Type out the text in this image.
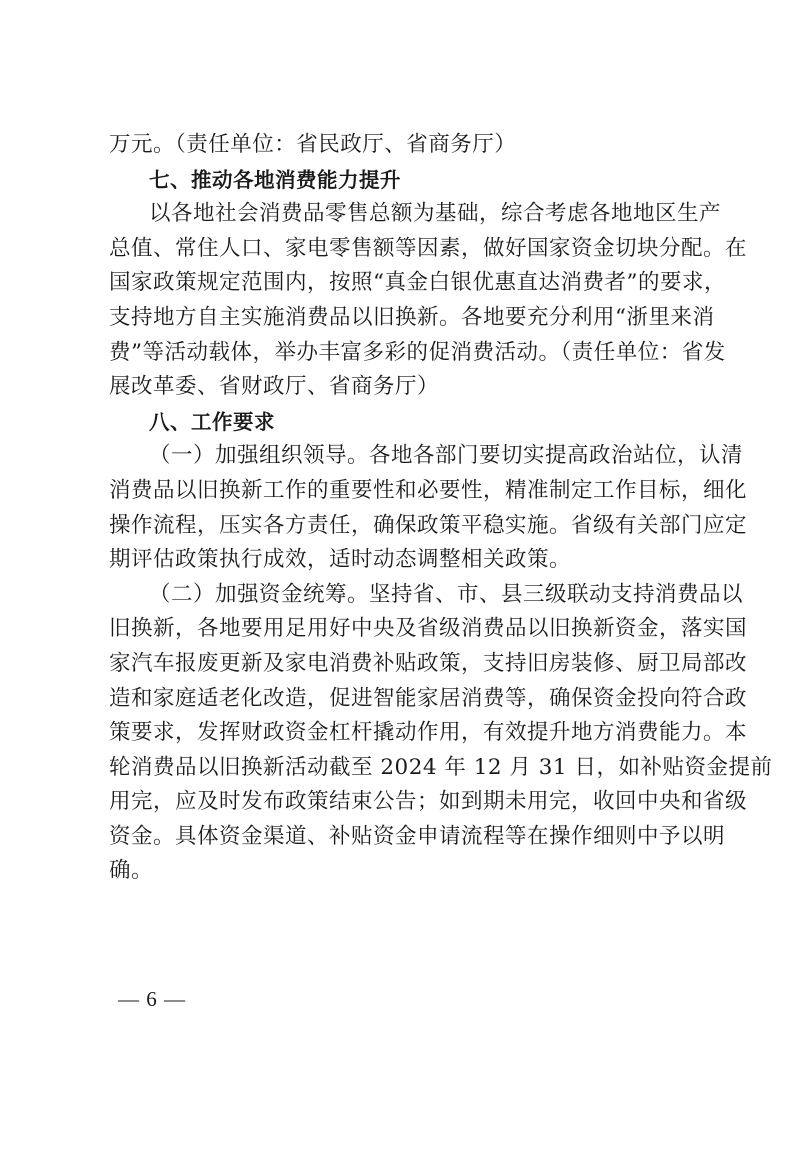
万元。（责任单位：省民政厅、省商务厅）
七、推动各地消费能力提升
以各地社会消费品零售总额为基础，综合考虑各地地区生产
总值、常住人口、家电零售额等因素，做好国家资金切块分配。在
国家政策规定范围内，按照“真金白银优惠直达消费者”的要求，
支持地方自主实施消费品以旧换新。各地要充分利用“浙里来消
费”等活动载体，举办丰富多彩的促消费活动。（责任单位：省发
展改革委、省财政厅、省商务厅）
八、工作要求
（一）加强组织领导。各地各部门要切实提高政治站位，认清
消费品以旧换新工作的重要性和必要性，精准制定工作目标，细化
操作流程，压实各方责任，确保政策平稳实施。省级有关部门应定
期评估政策执行成效，适时动态调整相关政策。
（二）加强资金统筹。坚持省、市、县三级联动支持消费品以
旧换新，各地要用足用好中央及省级消费品以旧换新资金，落实国
家汽车报废更新及家电消费补贴政策，支持旧房装修、厨卫局部改
造和家庭适老化改造，促进智能家居消费等，确保资金投向符合政
策要求，发挥财政资金杠杆撬动作用，有效提升地方消费能力。本
轮消费品以旧换新活动截至 2024 年 12 月 31 日，如补贴资金提前
用完，应及时发布政策结束公告；如到期未用完，收回中央和省级
资金。具体资金渠道、补贴资金申请流程等在操作细则中予以明
确。
— 6 —
